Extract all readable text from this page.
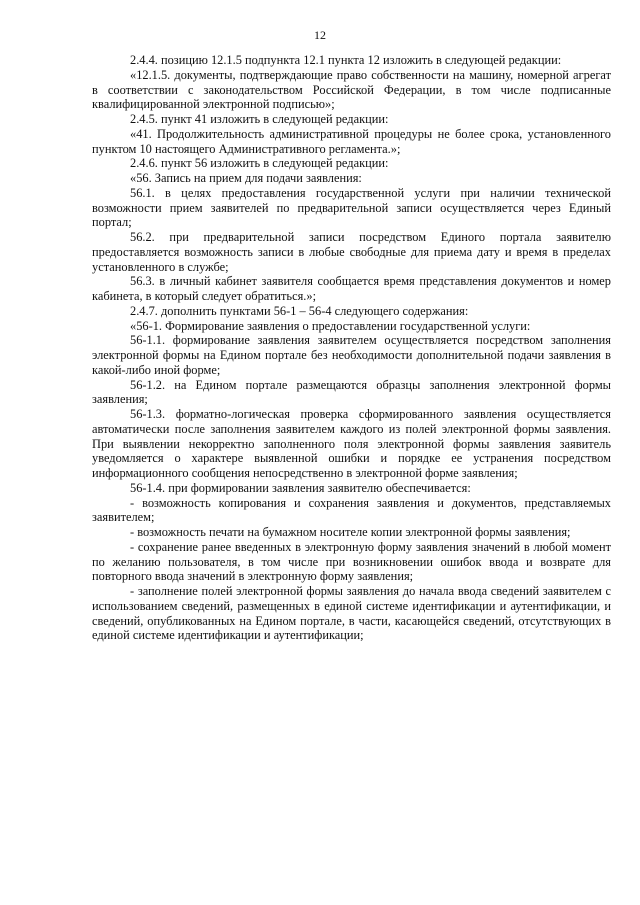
12

2.4.4. позицию 12.1.5 подпункта 12.1 пункта 12 изложить в следующей редакции:

«12.1.5. документы, подтверждающие право собственности на машину, номерной агрегат в соответствии с законодательством Российской Федерации, в том числе подписанные квалифицированной электронной подписью»;

2.4.5. пункт 41 изложить в следующей редакции:

«41. Продолжительность административной процедуры не более срока, установленного пунктом 10 настоящего Административного регламента.»;

2.4.6. пункт 56 изложить в следующей редакции:

«56. Запись на прием для подачи заявления:

56.1. в целях предоставления государственной услуги при наличии технической возможности прием заявителей по предварительной записи осуществляется через Единый портал;

56.2. при предварительной записи посредством Единого портала заявителю предоставляется возможность записи в любые свободные для приема дату и время в пределах установленного в службе;

56.3. в личный кабинет заявителя сообщается время представления документов и номер кабинета, в который следует обратиться.»;

2.4.7. дополнить пунктами 56-1 – 56-4 следующего содержания:

«56-1. Формирование заявления о предоставлении государственной услуги:

56-1.1. формирование заявления заявителем осуществляется посредством заполнения электронной формы на Едином портале без необходимости дополнительной подачи заявления в какой-либо иной форме;

56-1.2. на Едином портале размещаются образцы заполнения электронной формы заявления;

56-1.3. форматно-логическая проверка сформированного заявления осуществляется автоматически после заполнения заявителем каждого из полей электронной формы заявления. При выявлении некорректно заполненного поля электронной формы заявления заявитель уведомляется о характере выявленной ошибки и порядке ее устранения посредством информационного сообщения непосредственно в электронной форме заявления;

56-1.4. при формировании заявления заявителю обеспечивается:

- возможность копирования и сохранения заявления и документов, представляемых заявителем;

- возможность печати на бумажном носителе копии электронной формы заявления;

- сохранение ранее введенных в электронную форму заявления значений в любой момент по желанию пользователя, в том числе при возникновении ошибок ввода и возврате для повторного ввода значений в электронную форму заявления;

- заполнение полей электронной формы заявления до начала ввода сведений заявителем с использованием сведений, размещенных в единой системе идентификации и аутентификации, и сведений, опубликованных на Едином портале, в части, касающейся сведений, отсутствующих в единой системе идентификации и аутентификации;
